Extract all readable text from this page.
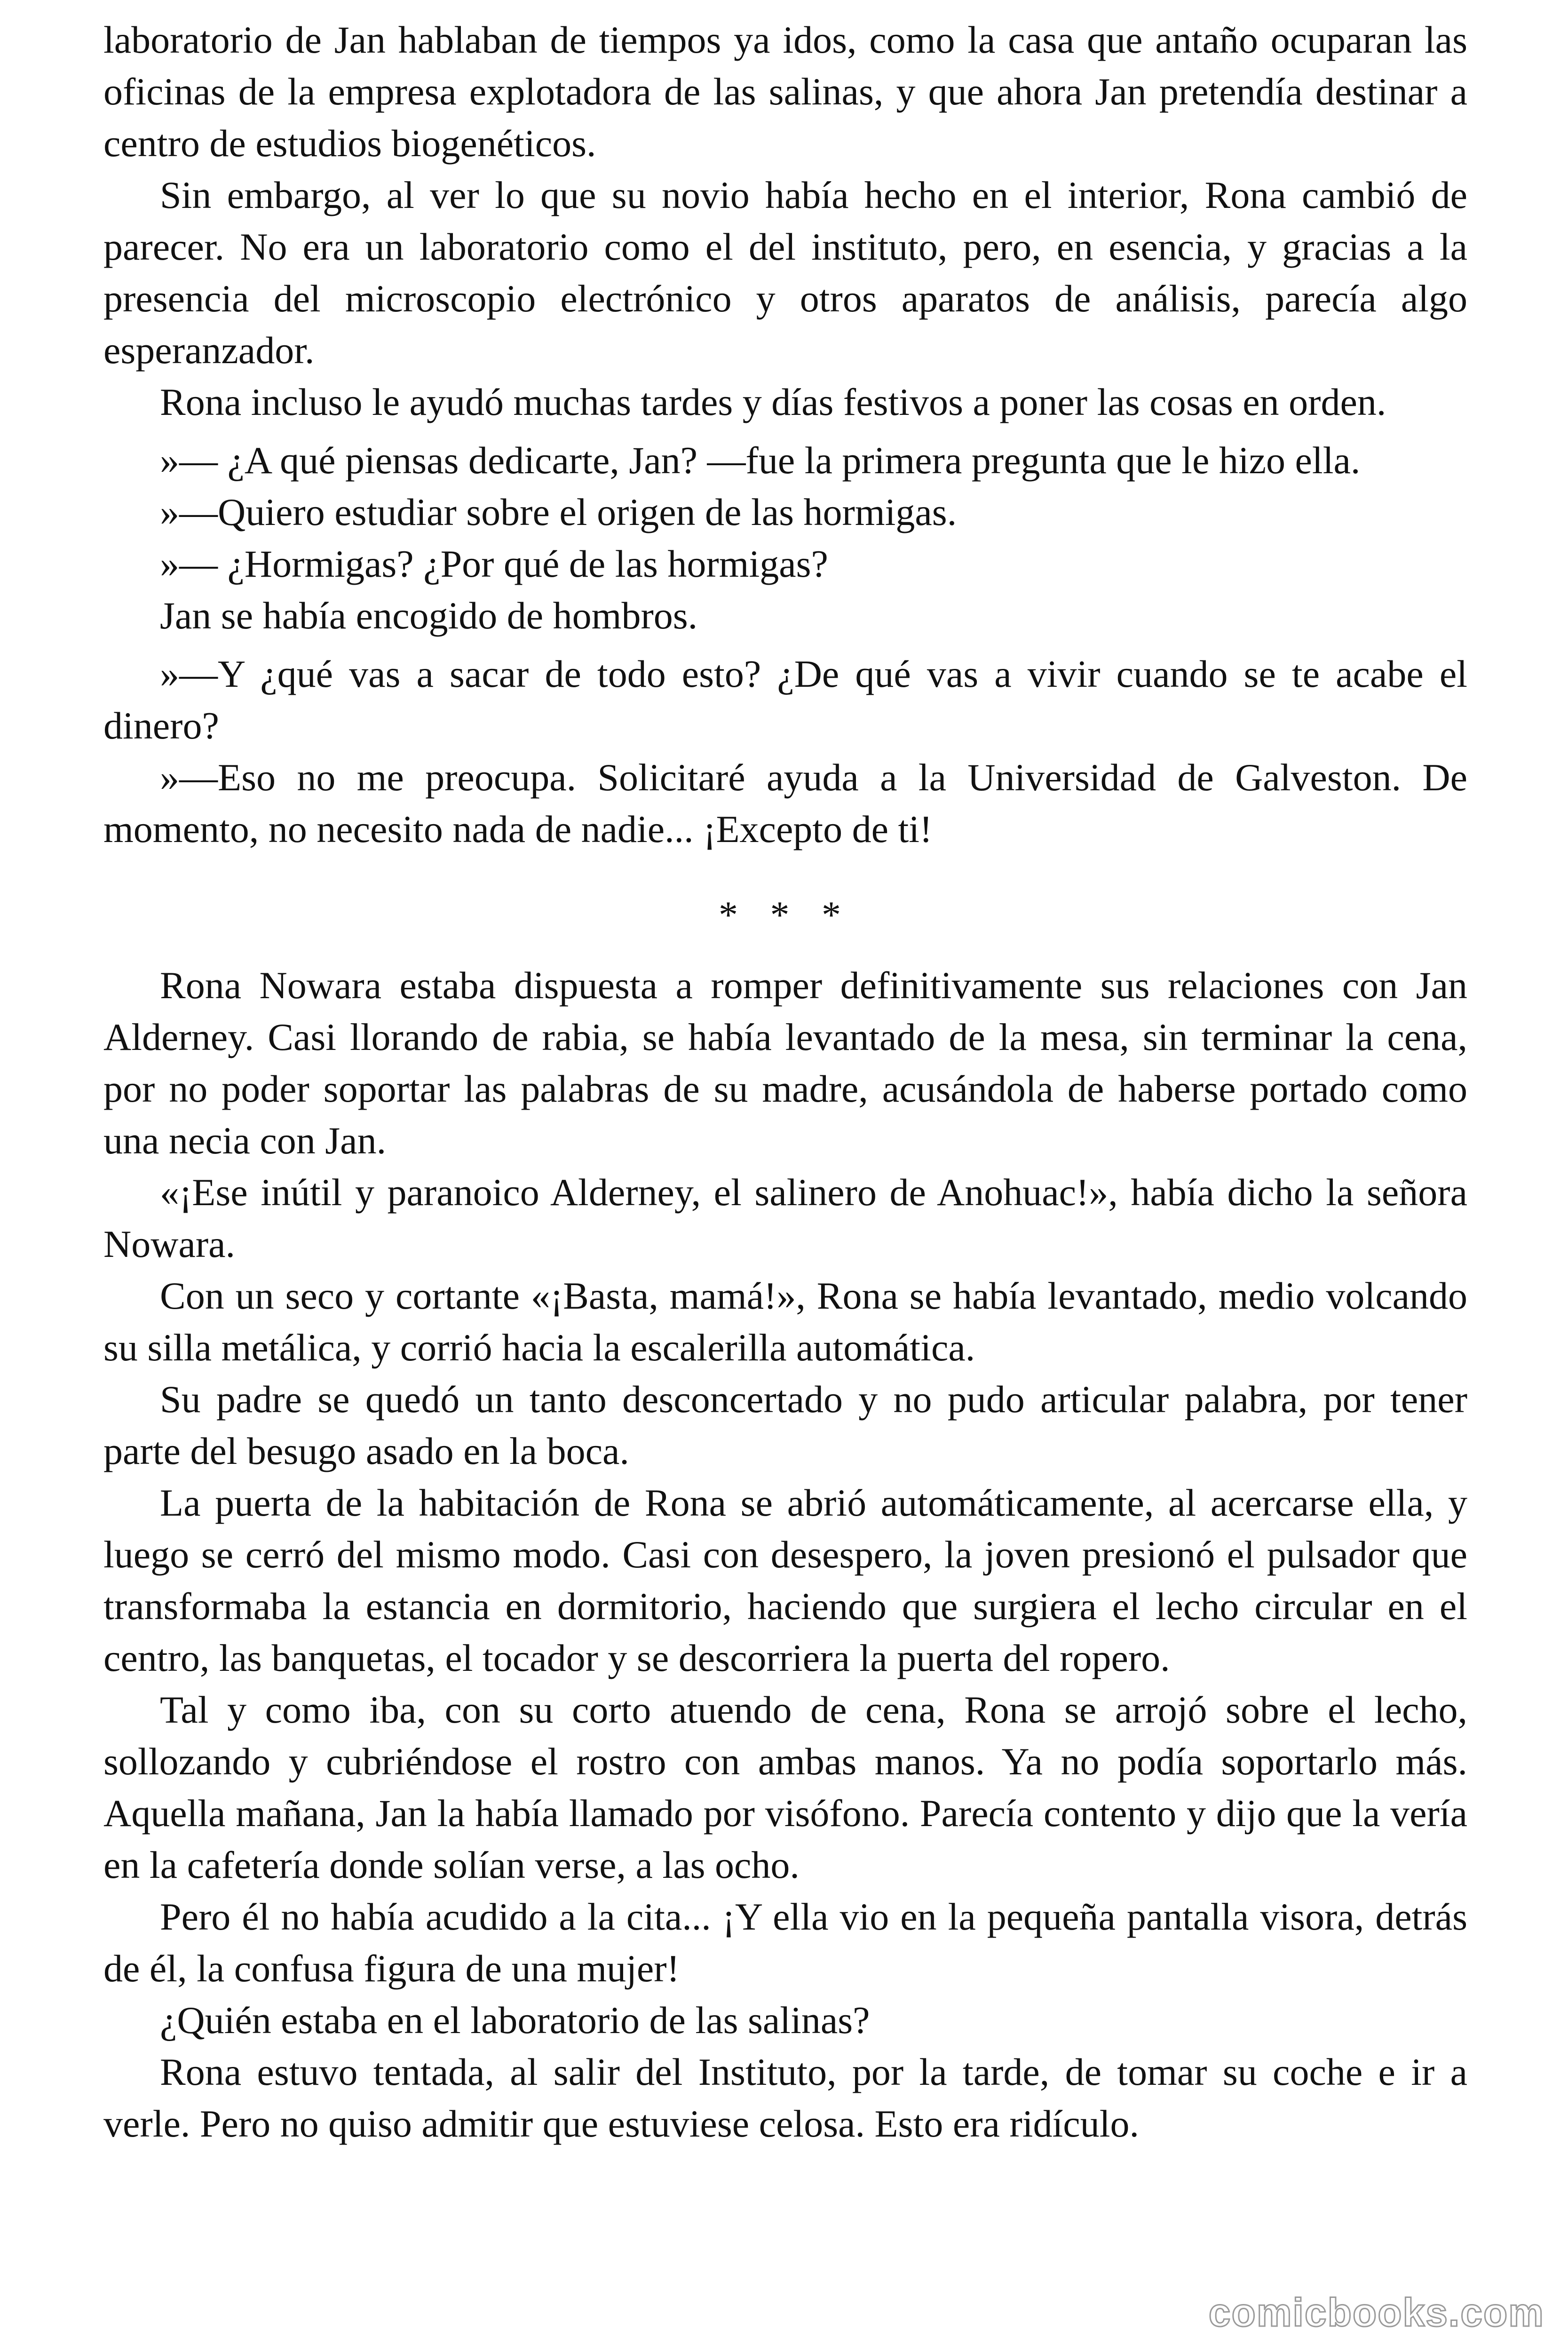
laboratorio de Jan hablaban de tiempos ya idos, como la casa que antaño ocuparan las oficinas de la empresa explotadora de las salinas, y que ahora Jan pretendía destinar a centro de estudios biogenéticos.

Sin embargo, al ver lo que su novio había hecho en el interior, Rona cambió de parecer. No era un laboratorio como el del instituto, pero, en esencia, y gracias a la presencia del microscopio electrónico y otros aparatos de análisis, parecía algo esperanzador.

Rona incluso le ayudó muchas tardes y días festivos a poner las cosas en orden.

»— ¿A qué piensas dedicarte, Jan? —fue la primera pregunta que le hizo ella.

»—Quiero estudiar sobre el origen de las hormigas.

»— ¿Hormigas? ¿Por qué de las hormigas?

Jan se había encogido de hombros.

»—Y ¿qué vas a sacar de todo esto? ¿De qué vas a vivir cuando se te acabe el dinero?

»—Eso no me preocupa. Solicitaré ayuda a la Universidad de Galveston. De momento, no necesito nada de nadie... ¡Excepto de ti!

* * *

Rona Nowara estaba dispuesta a romper definitivamente sus relaciones con Jan Alderney. Casi llorando de rabia, se había levantado de la mesa, sin terminar la cena, por no poder soportar las palabras de su madre, acusándola de haberse portado como una necia con Jan.

«¡Ese inútil y paranoico Alderney, el salinero de Anohuac!», había dicho la señora Nowara.

Con un seco y cortante «¡Basta, mamá!», Rona se había levantado, medio volcando su silla metálica, y corrió hacia la escalerilla automática.

Su padre se quedó un tanto desconcertado y no pudo articular palabra, por tener parte del besugo asado en la boca.

La puerta de la habitación de Rona se abrió automáticamente, al acercarse ella, y luego se cerró del mismo modo. Casi con desespero, la joven presionó el pulsador que transformaba la estancia en dormitorio, haciendo que surgiera el lecho circular en el centro, las banquetas, el tocador y se descorriera la puerta del ropero.

Tal y como iba, con su corto atuendo de cena, Rona se arrojó sobre el lecho, sollozando y cubriéndose el rostro con ambas manos. Ya no podía soportarlo más. Aquella mañana, Jan la había llamado por visófono. Parecía contento y dijo que la vería en la cafetería donde solían verse, a las ocho.

Pero él no había acudido a la cita... ¡Y ella vio en la pequeña pantalla visora, detrás de él, la confusa figura de una mujer!

¿Quién estaba en el laboratorio de las salinas?

Rona estuvo tentada, al salir del Instituto, por la tarde, de tomar su coche e ir a verle. Pero no quiso admitir que estuviese celosa. Esto era ridículo.

comicbooks.com
